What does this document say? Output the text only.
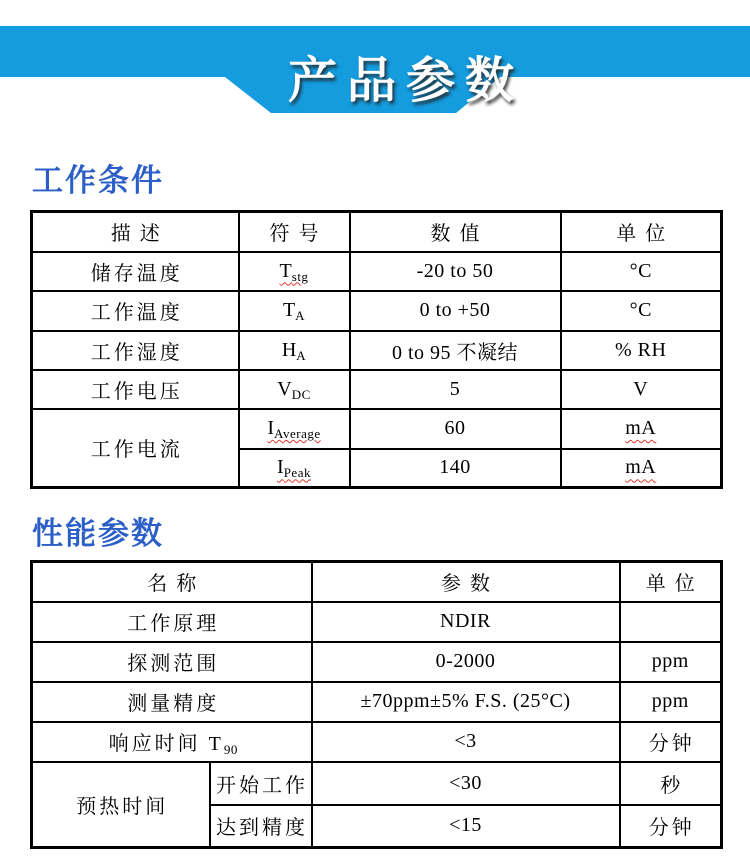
产品参数
工作条件
描述	符号	数值	单位
储存温度	$T_{stg}$	-20 to 50	°C
工作温度	$T_A$	0 to +50	°C
工作湿度	$H_A$	0 to 95 不凝结	% RH
工作电压	$V_{DC}$	5	V
工作电流	$I_{Average}$	60	mA
	$I_{Peak}$	140	mA
性能参数
名称		参数	单位
工作原理		NDIR	
探测范围		0-2000	ppm
测量精度		±70ppm±5% F.S. (25°C)	ppm
响应时间 $T_{90}$		<3	分钟
预热时间	开始工作	<30	秒
	达到精度	<15	分钟
